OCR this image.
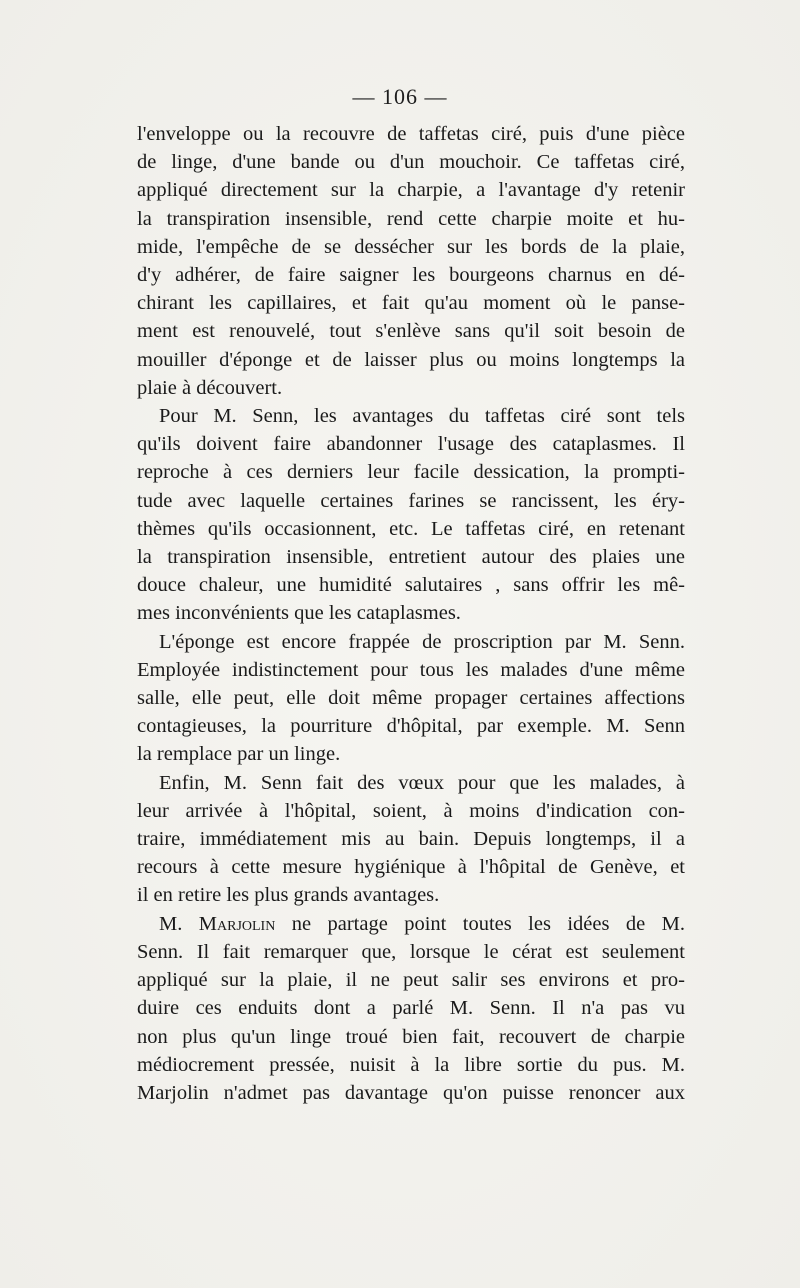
— 106 —
l'enveloppe ou la recouvre de taffetas ciré, puis d'une pièce
de linge, d'une bande ou d'un mouchoir. Ce taffetas ciré,
appliqué directement sur la charpie, a l'avantage d'y retenir
la transpiration insensible, rend cette charpie moite et hu-
mide, l'empêche de se dessécher sur les bords de la plaie,
d'y adhérer, de faire saigner les bourgeons charnus en dé-
chirant les capillaires, et fait qu'au moment où le panse-
ment est renouvelé, tout s'enlève sans qu'il soit besoin de
mouiller d'éponge et de laisser plus ou moins longtemps la
plaie à découvert.
Pour M. Senn, les avantages du taffetas ciré sont tels
qu'ils doivent faire abandonner l'usage des cataplasmes. Il
reproche à ces derniers leur facile dessication, la prompti-
tude avec laquelle certaines farines se rancissent, les éry-
thèmes qu'ils occasionnent, etc. Le taffetas ciré, en retenant
la transpiration insensible, entretient autour des plaies une
douce chaleur, une humidité salutaires , sans offrir les mê-
mes inconvénients que les cataplasmes.
L'éponge est encore frappée de proscription par M. Senn.
Employée indistinctement pour tous les malades d'une même
salle, elle peut, elle doit même propager certaines affections
contagieuses, la pourriture d'hôpital, par exemple. M. Senn
la remplace par un linge.
Enfin, M. Senn fait des vœux pour que les malades, à
leur arrivée à l'hôpital, soient, à moins d'indication con-
traire, immédiatement mis au bain. Depuis longtemps, il a
recours à cette mesure hygiénique à l'hôpital de Genève, et
il en retire les plus grands avantages.
M. Marjolin ne partage point toutes les idées de M.
Senn. Il fait remarquer que, lorsque le cérat est seulement
appliqué sur la plaie, il ne peut salir ses environs et pro-
duire ces enduits dont a parlé M. Senn. Il n'a pas vu
non plus qu'un linge troué bien fait, recouvert de charpie
médiocrement pressée, nuisit à la libre sortie du pus. M.
Marjolin n'admet pas davantage qu'on puisse renoncer aux
